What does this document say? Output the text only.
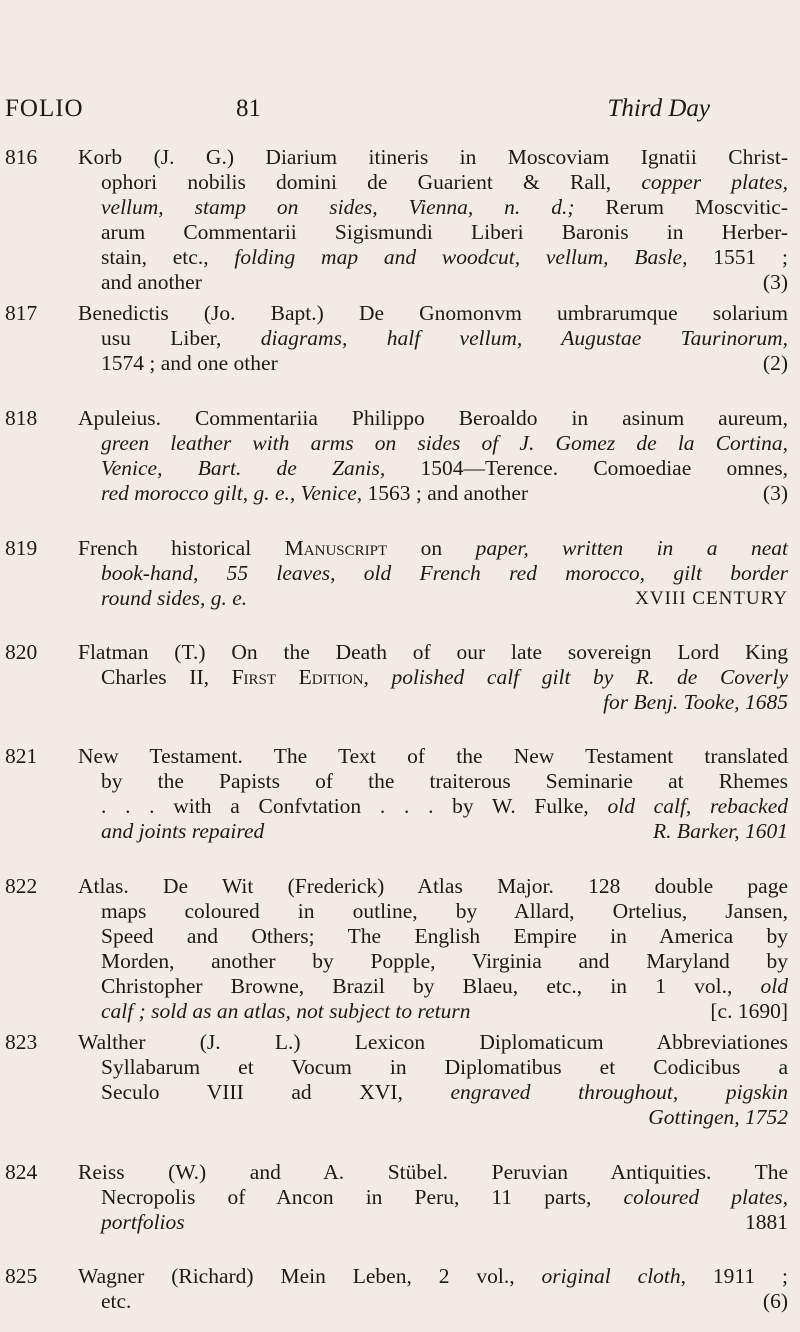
FOLIO	81	Third Day
816	Korb (J. G.) Diarium itineris in Moscoviam Ignatii Christ-
ophori nobilis domini de Guarient & Rall, copper plates,
vellum, stamp on sides, Vienna, n. d.; Rerum Moscvitic-
arum Commentarii Sigismundi Liberi Baronis in Herber-
stain, etc., folding map and woodcut, vellum, Basle, 1551 ;
and another	(3)
817	Benedictis (Jo. Bapt.) De Gnomonvm umbrarumque solarium
usu Liber, diagrams, half vellum, Augustae Taurinorum,
1574 ; and one other	(2)
818	Apuleius. Commentariia Philippo Beroaldo in asinum aureum,
green leather with arms on sides of J. Gomez de la Cortina,
Venice, Bart. de Zanis, 1504—Terence. Comoediae omnes,
red morocco gilt, g. e., Venice, 1563 ; and another	(3)
819	French historical Manuscript on paper, written in a neat
book-hand, 55 leaves, old French red morocco, gilt border
round sides, g. e.	XVIII CENTURY
820	Flatman (T.) On the Death of our late sovereign Lord King
Charles II, First Edition, polished calf gilt by R. de Coverly
for Benj. Tooke, 1685

821	New Testament. The Text of the New Testament translated
by the Papists of the traiterous Seminarie at Rhemes
. . . with a Confvtation . . . by W. Fulke, old calf, rebacked
and joints repaired	R. Barker, 1601
822	Atlas. De Wit (Frederick) Atlas Major. 128 double page
maps coloured in outline, by Allard, Ortelius, Jansen,
Speed and Others; The English Empire in America by
Morden, another by Popple, Virginia and Maryland by
Christopher Browne, Brazil by Blaeu, etc., in 1 vol., old
calf ; sold as an atlas, not subject to return	[c. 1690]
823	Walther (J. L.) Lexicon Diplomaticum Abbreviationes
Syllabarum et Vocum in Diplomatibus et Codicibus a
Seculo VIII ad XVI, engraved throughout, pigskin
Gottingen, 1752

824	Reiss (W.) and A. Stübel. Peruvian Antiquities. The
Necropolis of Ancon in Peru, 11 parts, coloured plates,
portfolios	1881
825	Wagner (Richard) Mein Leben, 2 vol., original cloth, 1911 ;
etc.	(6)
